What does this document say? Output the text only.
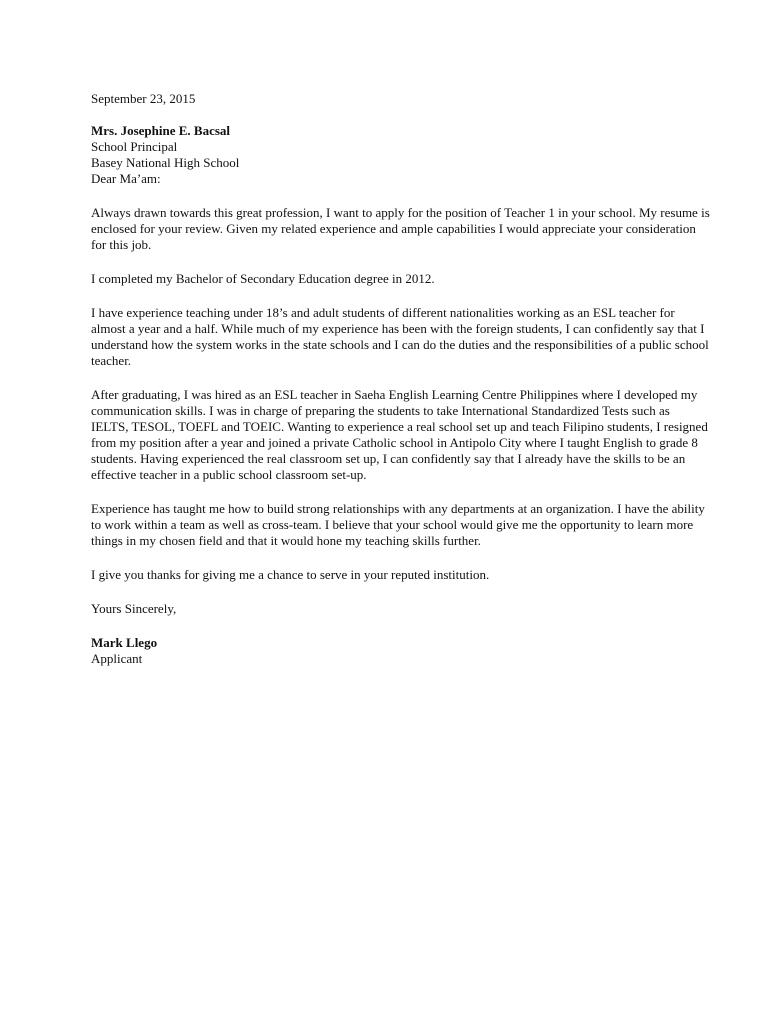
September 23, 2015
Mrs. Josephine E. Bacsal
School Principal
Basey National High School
Dear Ma’am:

Always drawn towards this great profession, I want to apply for the position of Teacher 1 in your school. My resume is enclosed for your review. Given my related experience and ample capabilities I would appreciate your consideration for this job.

I completed my Bachelor of Secondary Education degree in 2012.

I have experience teaching under 18’s and adult students of different nationalities working as an ESL teacher for almost a year and a half. While much of my experience has been with the foreign students, I can confidently say that I understand how the system works in the state schools and I can do the duties and the responsibilities of a public school teacher.

After graduating, I was hired as an ESL teacher in Saeha English Learning Centre Philippines where I developed my communication skills. I was in charge of preparing the students to take International Standardized Tests such as IELTS, TESOL, TOEFL and TOEIC. Wanting to experience a real school set up and teach Filipino students, I resigned from my position after a year and joined a private Catholic school in Antipolo City where I taught English to grade 8 students. Having experienced the real classroom set up, I can confidently say that I already have the skills to be an effective teacher in a public school classroom set-up.

Experience has taught me how to build strong relationships with any departments at an organization. I have the ability to work within a team as well as cross-team. I believe that your school would give me the opportunity to learn more things in my chosen field and that it would hone my teaching skills further.

I give you thanks for giving me a chance to serve in your reputed institution.

Yours Sincerely,
Mark Llego
Applicant
